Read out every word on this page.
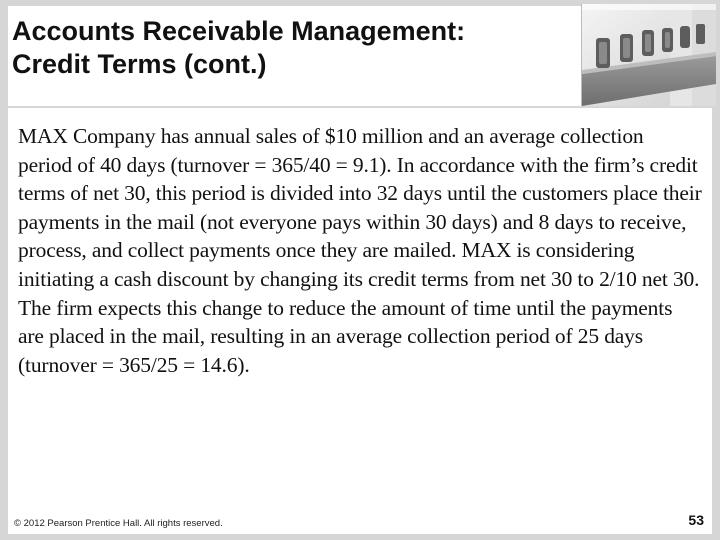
Accounts Receivable Management:
Credit Terms (cont.)

MAX Company has annual sales of $10 million and an average collection period of 40 days (turnover = 365/40 = 9.1). In accordance with the firm’s credit terms of net 30, this period is divided into 32 days until the customers place their payments in the mail (not everyone pays within 30 days) and 8 days to receive, process, and collect payments once they are mailed. MAX is considering initiating a cash discount by changing its credit terms from net 30 to 2/10 net 30. The firm expects this change to reduce the amount of time until the payments are placed in the mail, resulting in an average collection period of 25 days (turnover = 365/25 = 14.6).

© 2012 Pearson Prentice Hall. All rights reserved.	53
